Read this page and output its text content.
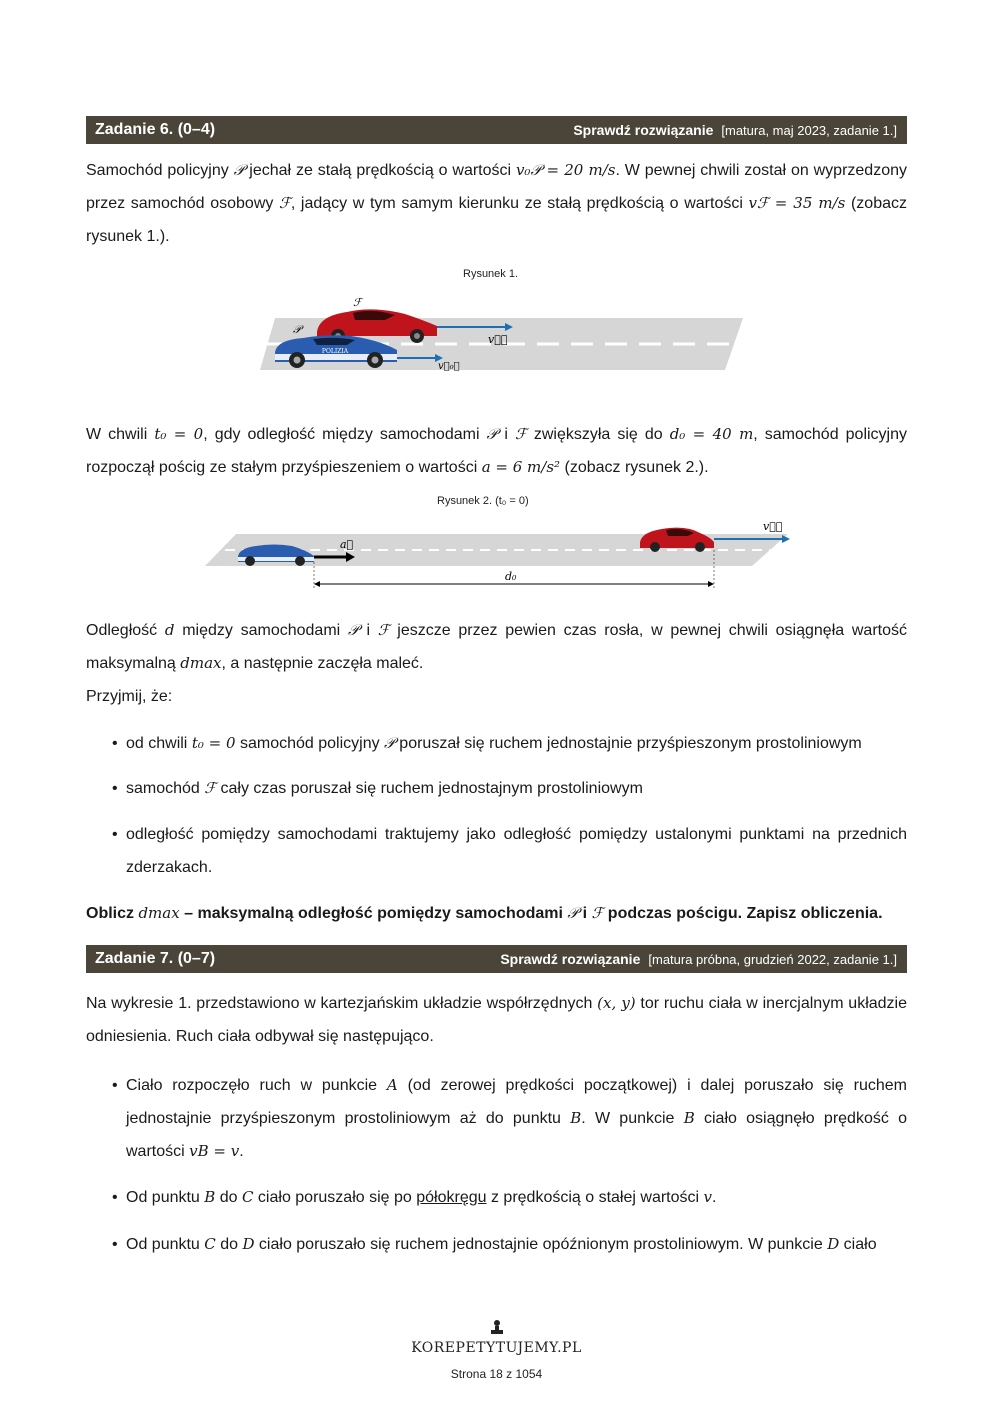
Zadanie 6. (0–4)	Sprawdź rozwiązanie [matura, maj 2023, zadanie 1.]
Samochód policyjny 𝒫 jechał ze stałą prędkością o wartości v₀𝒫 = 20 m/s. W pewnej chwili został on wyprzedzony przez samochód osobowy ℱ, jadący w tym samym kierunku ze stałą prędkością o wartości vℱ = 35 m/s (zobacz rysunek 1.).
Rysunek 1.
POLIZIA
ℱ
𝒫
v⃗ℱ
v⃗₀𝒫
W chwili t₀ = 0, gdy odległość między samochodami 𝒫 i ℱ zwiększyła się do d₀ = 40 m, samochód policyjny rozpoczął pościg ze stałym przyśpieszeniem o wartości a = 6 m/s² (zobacz rysunek 2.).
Rysunek 2. (t₀ = 0)
a⃗
v⃗ℱ
d₀
Odległość d między samochodami 𝒫 i ℱ jeszcze przez pewien czas rosła, w pewnej chwili osiągnęła wartość maksymalną dmax, a następnie zaczęła maleć.
Przyjmij, że:
• od chwili t₀ = 0 samochód policyjny 𝒫 poruszał się ruchem jednostajnie przyśpieszonym prostoliniowym
• samochód ℱ cały czas poruszał się ruchem jednostajnym prostoliniowym
• odległość pomiędzy samochodami traktujemy jako odległość pomiędzy ustalonymi punktami na przednich zderzakach.
Oblicz dmax – maksymalną odległość pomiędzy samochodami 𝒫 i ℱ podczas pościgu. Zapisz obliczenia.
Zadanie 7. (0–7)	Sprawdź rozwiązanie [matura próbna, grudzień 2022, zadanie 1.]
Na wykresie 1. przedstawiono w kartezjańskim układzie współrzędnych (x, y) tor ruchu ciała w inercjalnym układzie odniesienia. Ruch ciała odbywał się następująco.
• Ciało rozpoczęło ruch w punkcie A (od zerowej prędkości początkowej) i dalej poruszało się ruchem jednostajnie przyśpieszonym prostoliniowym aż do punktu B. W punkcie B ciało osiągnęło prędkość o wartości vB = v.
• Od punktu B do C ciało poruszało się po półokręgu z prędkością o stałej wartości v.
• Od punktu C do D ciało poruszało się ruchem jednostajnie opóźnionym prostoliniowym. W punkcie D ciało
KOREPETYTUJEMY.PL
Strona 18 z 1054
